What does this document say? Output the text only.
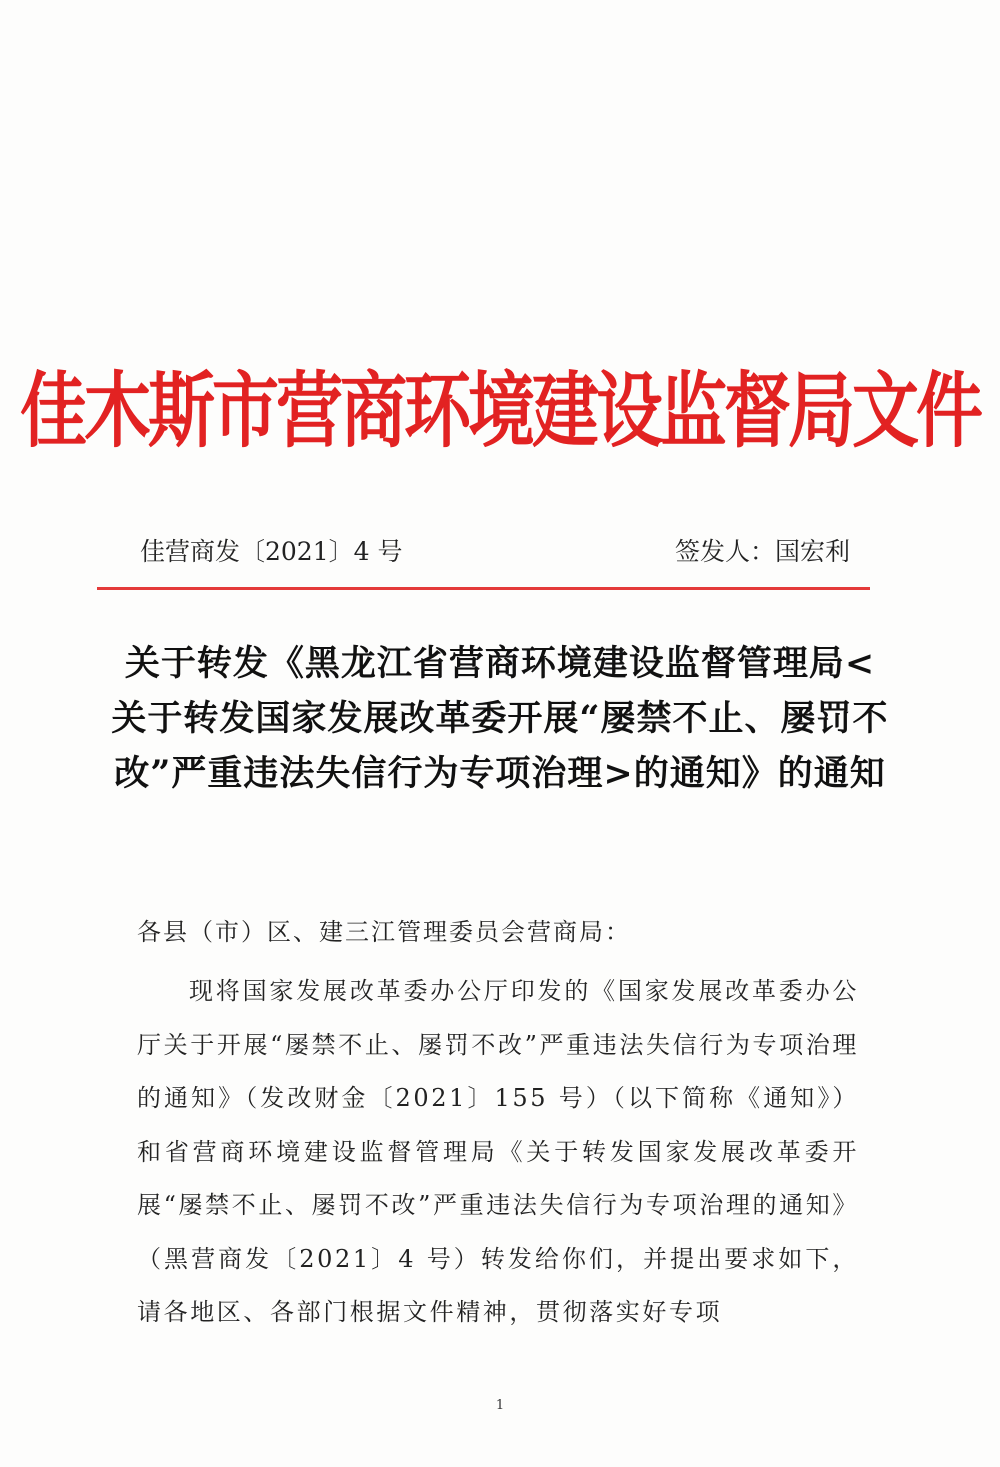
佳木斯市营商环境建设监督局文件
佳营商发〔2021〕4 号	签发人：国宏利
关于转发《黑龙江省营商环境建设监督管理局<关于转发国家发展改革委开展“屡禁不止、屡罚不改”严重违法失信行为专项治理>的通知》的通知
各县（市）区、建三江管理委员会营商局：
现将国家发展改革委办公厅印发的《国家发展改革委办公厅关于开展“屡禁不止、屡罚不改”严重违法失信行为专项治理的通知》（发改财金〔2021〕155 号）（以下简称《通知》）和省营商环境建设监督管理局《关于转发国家发展改革委开展“屡禁不止、屡罚不改”严重违法失信行为专项治理的通知》（黑营商发〔2021〕4 号）转发给你们，并提出要求如下，请各地区、各部门根据文件精神，贯彻落实好专项
1
